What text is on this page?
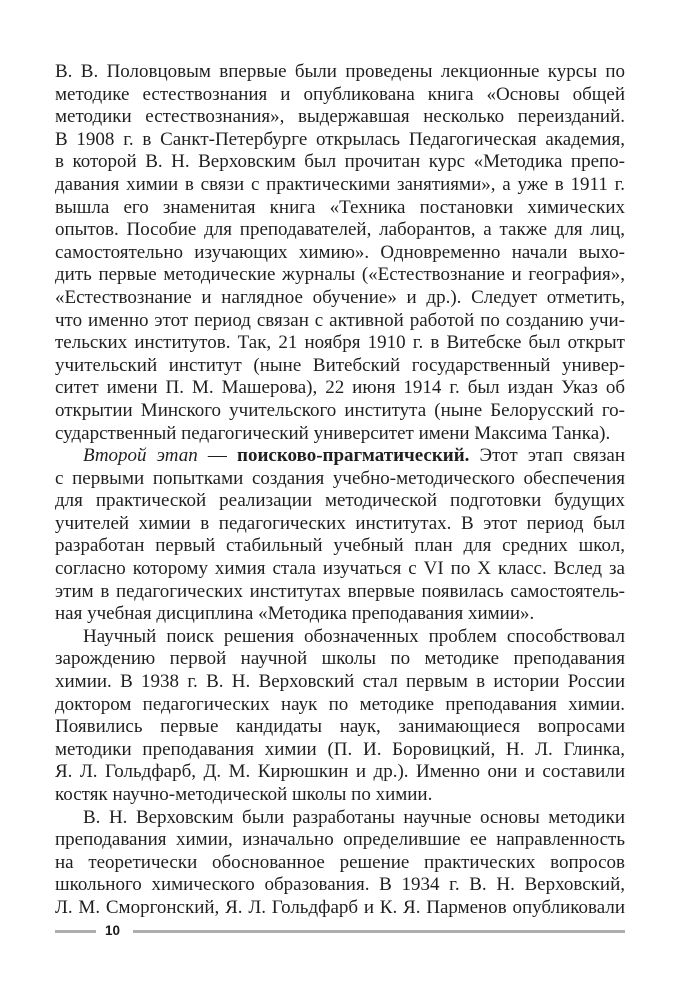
В. В. Половцовым впервые были проведены лекционные курсы по
методике естествознания и опубликована книга «Основы общей
методики естествознания», выдержавшая несколько переизданий.
В 1908 г. в Санкт-Петербурге открылась Педагогическая академия,
в которой В. Н. Верховским был прочитан курс «Методика препо-
давания химии в связи с практическими занятиями», а уже в 1911 г.
вышла его знаменитая книга «Техника постановки химических
опытов. Пособие для преподавателей, лаборантов, а также для лиц,
самостоятельно изучающих химию». Одновременно начали выхо-
дить первые методические журналы («Естествознание и география»,
«Естествознание и наглядное обучение» и др.). Следует отметить,
что именно этот период связан с активной работой по созданию учи-
тельских институтов. Так, 21 ноября 1910 г. в Витебске был открыт
учительский институт (ныне Витебский государственный универ-
ситет имени П. М. Машерова), 22 июня 1914 г. был издан Указ об
открытии Минского учительского института (ныне Белорусский го-
сударственный педагогический университет имени Максима Танка).
Второй этап — поисково-прагматический. Этот этап связан
с первыми попытками создания учебно-методического обеспечения
для практической реализации методической подготовки будущих
учителей химии в педагогических институтах. В этот период был
разработан первый стабильный учебный план для средних школ,
согласно которому химия стала изучаться с VI по X класс. Вслед за
этим в педагогических институтах впервые появилась самостоятель-
ная учебная дисциплина «Методика преподавания химии».
Научный поиск решения обозначенных проблем способствовал
зарождению первой научной школы по методике преподавания
химии. В 1938 г. В. Н. Верховский стал первым в истории России
доктором педагогических наук по методике преподавания химии.
Появились первые кандидаты наук, занимающиеся вопросами
методики преподавания химии (П. И. Боровицкий, Н. Л. Глинка,
Я. Л. Гольдфарб, Д. М. Кирюшкин и др.). Именно они и составили
костяк научно-методической школы по химии.
В. Н. Верховским были разработаны научные основы методики
преподавания химии, изначально определившие ее направленность
на теоретически обоснованное решение практических вопросов
школьного химического образования. В 1934 г. В. Н. Верховский,
Л. М. Сморгонский, Я. Л. Гольдфарб и К. Я. Парменов опубликовали
10
